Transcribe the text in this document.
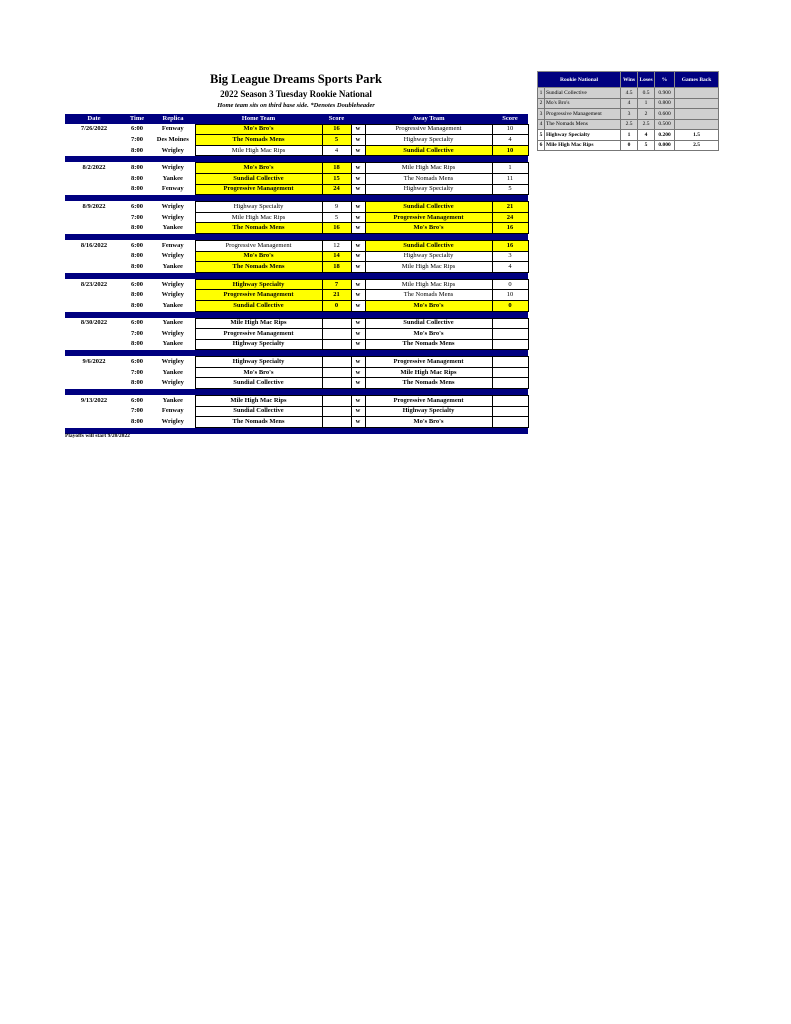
Big League Dreams Sports Park
2022 Season 3 Tuesday Rookie National
Home team sits on third base side. *Denotes Doubleheader
Date	Time	Replica	Home Team	Score		Away Team	Score
7/26/2022	6:00	Fenway	Mo's Bro's	16	w	Progressive Management	10
	7:00	Des Moines	The Nomads Mens	5	w	Highway Specialty	4
	8:00	Wrigley	Mile High Mac Rips	4	w	Sundial Collective	10

8/2/2022	8:00	Wrigley	Mo's Bro's	18	w	Mile High Mac Rips	1
	8:00	Yankee	Sundial Collective	15	w	The Nomads Mens	11
	8:00	Fenway	Progressive Management	24	w	Highway Specialty	5

8/9/2022	6:00	Wrigley	Highway Specialty	9	w	Sundial Collective	21
	7:00	Wrigley	Mile High Mac Rips	5	w	Progressive Management	24
	8:00	Yankee	The Nomads Mens	16	w	Mo's Bro's	16

8/16/2022	6:00	Fenway	Progressive Management	12	w	Sundial Collective	16
	8:00	Wrigley	Mo's Bro's	14	w	Highway Specialty	3
	8:00	Yankee	The Nomads Mens	18	w	Mile High Mac Rips	4

8/23/2022	6:00	Wrigley	Highway Specialty	7	w	Mile High Mac Rips	0
	8:00	Wrigley	Progressive Management	21	w	The Nomads Mens	10
	8:00	Yankee	Sundial Collective	0	w	Mo's Bro's	0

8/30/2022	6:00	Yankee	Mile High Mac Rips		w	Sundial Collective	
	7:00	Wrigley	Progressive Management		w	Mo's Bro's	
	8:00	Yankee	Highway Specialty		w	The Nomads Mens	

9/6/2022	6:00	Wrigley	Highway Specialty		w	Progressive Management	
	7:00	Yankee	Mo's Bro's		w	Mile High Mac Rips	
	8:00	Wrigley	Sundial Collective		w	The Nomads Mens	

9/13/2022	6:00	Yankee	Mile High Mac Rips		w	Progressive Management	
	7:00	Fenway	Sundial Collective		w	Highway Specialty	
	8:00	Wrigley	The Nomads Mens		w	Mo's Bro's	

Playoffs will start 9/20/2022
Rookie National		Wins	Loses	%	Games Back
1	Sundial Collective	4.5	0.5	0.900	
2	Mo's Bro's	4	1	0.800	
3	Progressive Management	3	2	0.600	
4	The Nomads Mens	2.5	2.5	0.500	
5	Highway Specialty	1	4	0.200	1.5
6	Mile High Mac Rips	0	5	0.000	2.5
